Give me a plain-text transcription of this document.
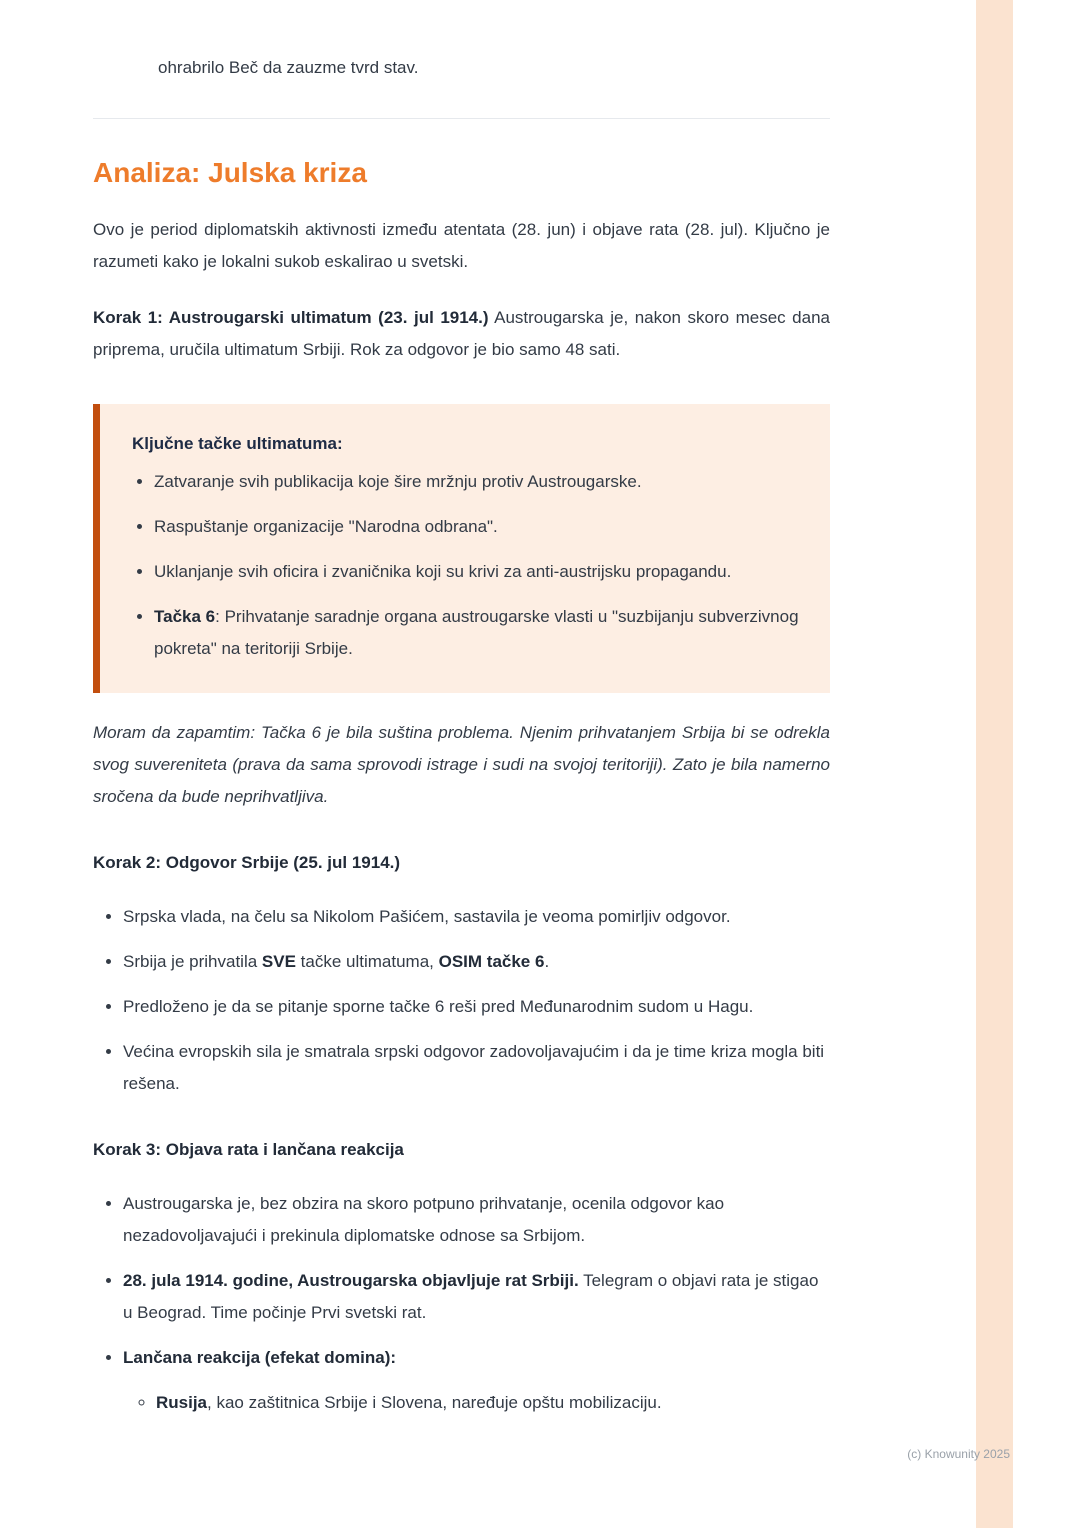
ohrabrilo Beč da zauzme tvrd stav.

Analiza: Julska kriza

Ovo je period diplomatskih aktivnosti između atentata (28. jun) i objave rata (28. jul). Ključno je razumeti kako je lokalni sukob eskalirao u svetski.

Korak 1: Austrougarski ultimatum (23. jul 1914.) Austrougarska je, nakon skoro mesec dana priprema, uručila ultimatum Srbiji. Rok za odgovor je bio samo 48 sati.

Ključne tačke ultimatuma:

• Zatvaranje svih publikacija koje šire mržnju protiv Austrougarske.
• Raspuštanje organizacije "Narodna odbrana".
• Uklanjanje svih oficira i zvaničnika koji su krivi za anti-austrijsku propagandu.
• Tačka 6: Prihvatanje saradnje organa austrougarske vlasti u "suzbijanju subverzivnog pokreta" na teritoriji Srbije.

Moram da zapamtim: Tačka 6 je bila suština problema. Njenim prihvatanjem Srbija bi se odrekla svog suvereniteta (prava da sama sprovodi istrage i sudi na svojoj teritoriji). Zato je bila namerno sročena da bude neprihvatljiva.

Korak 2: Odgovor Srbije (25. jul 1914.)
• Srpska vlada, na čelu sa Nikolom Pašićem, sastavila je veoma pomirljiv odgovor.
• Srbija je prihvatila SVE tačke ultimatuma, OSIM tačke 6.
• Predloženo je da se pitanje sporne tačke 6 reši pred Međunarodnim sudom u Hagu.
• Većina evropskih sila je smatrala srpski odgovor zadovoljavajućim i da je time kriza mogla biti rešena.
Korak 3: Objava rata i lančana reakcija
• Austrougarska je, bez obzira na skoro potpuno prihvatanje, ocenila odgovor kao nezadovoljavajući i prekinula diplomatske odnose sa Srbijom.
• 28. jula 1914. godine, Austrougarska objavljuje rat Srbiji. Telegram o objavi rata je stigao u Beograd. Time počinje Prvi svetski rat.
• Lančana reakcija (efekat domina):
◦ Rusija, kao zaštitnica Srbije i Slovena, naređuje opštu mobilizaciju.
(c) Knowunity 2025
